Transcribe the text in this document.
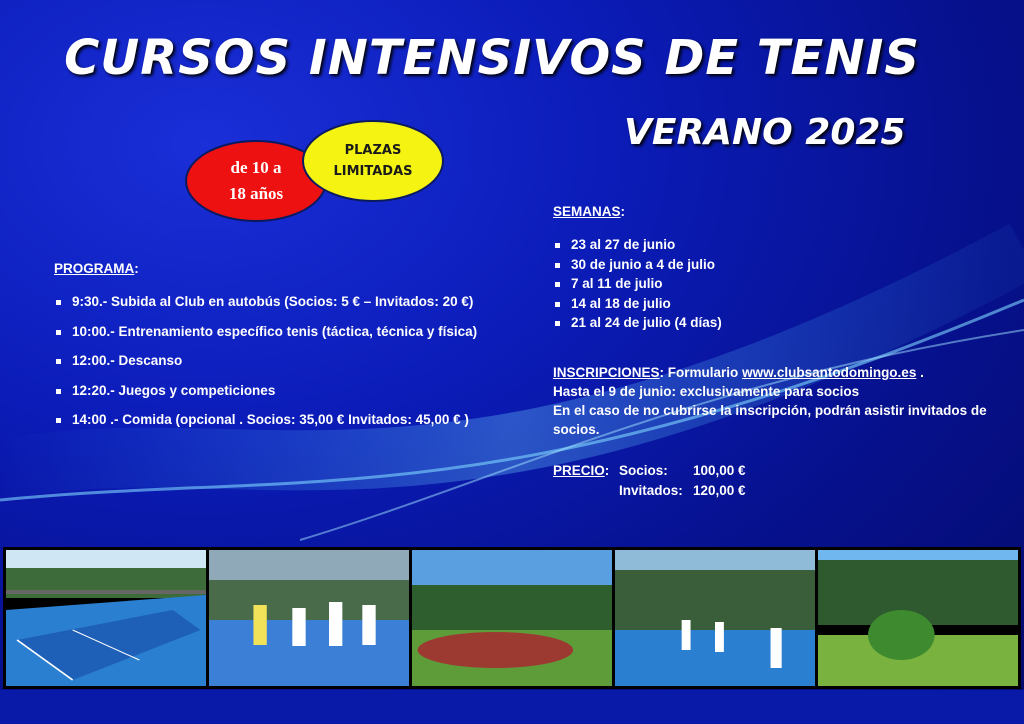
CURSOS INTENSIVOS DE TENIS
VERANO 2025
de 10 a
18 años
PLAZAS
LIMITADAS
PROGRAMA:
9:30.- Subida al Club en autobús (Socios: 5 € – Invitados: 20 €)
10:00.- Entrenamiento específico tenis (táctica, técnica y física)
12:00.- Descanso
12:20.- Juegos y competiciones
14:00 .- Comida (opcional . Socios: 35,00 € Invitados: 45,00 € )
SEMANAS:
23 al 27 de junio
30 de junio a 4 de julio
7 al 11 de julio
14 al 18 de julio
21 al 24 de julio (4 días)
INSCRIPCIONES: Formulario www.clubsantodomingo.es .
Hasta el 9 de junio: exclusivamente para socios
En el caso de no cubrirse la inscripción, podrán asistir invitados de socios.
PRECIO: Socios:	100,00 €
Invitados: 120,00 €
